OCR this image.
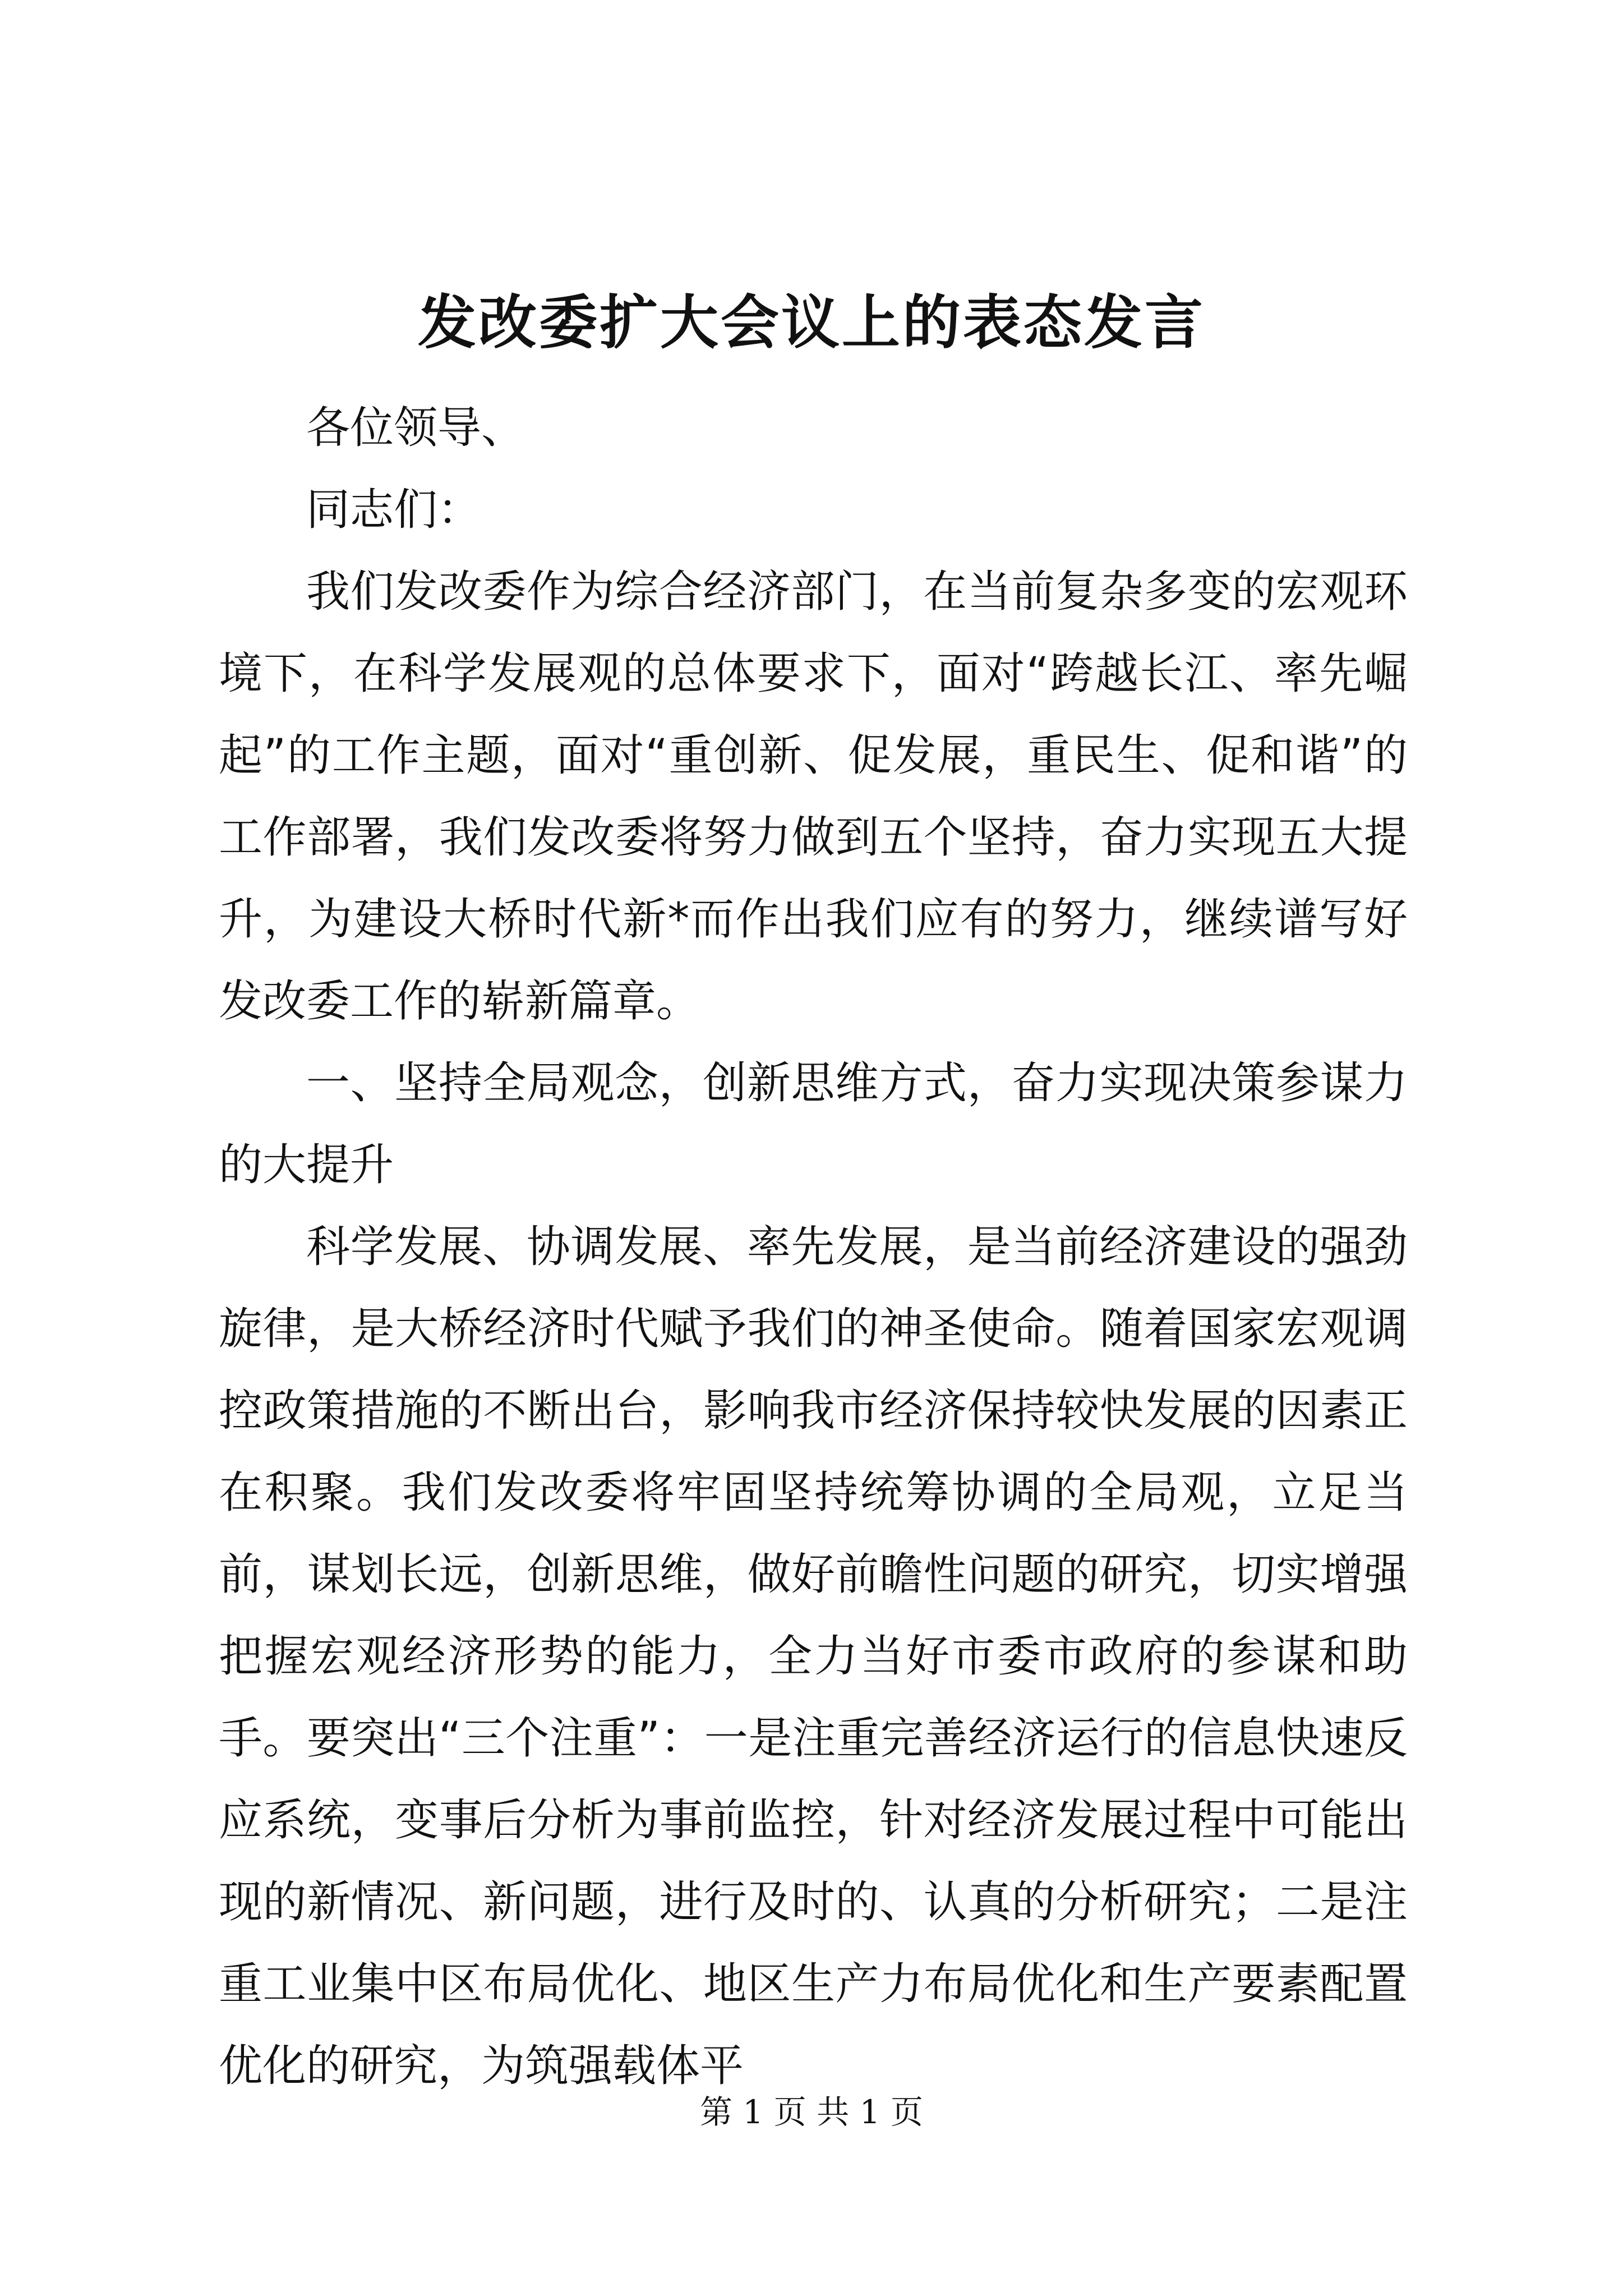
发改委扩大会议上的表态发言

各位领导、

同志们：

我们发改委作为综合经济部门，在当前复杂多变的宏观环境下，在科学发展观的总体要求下，面对“跨越长江、率先崛起”的工作主题，面对“重创新、促发展，重民生、促和谐”的工作部署，我们发改委将努力做到五个坚持，奋力实现五大提升，为建设大桥时代新*而作出我们应有的努力，继续谱写好发改委工作的崭新篇章。

一、坚持全局观念，创新思维方式，奋力实现决策参谋力的大提升

科学发展、协调发展、率先发展，是当前经济建设的强劲旋律，是大桥经济时代赋予我们的神圣使命。随着国家宏观调控政策措施的不断出台，影响我市经济保持较快发展的因素正在积聚。我们发改委将牢固坚持统筹协调的全局观，立足当前，谋划长远，创新思维，做好前瞻性问题的研究，切实增强把握宏观经济形势的能力，全力当好市委市政府的参谋和助手。要突出“三个注重”：一是注重完善经济运行的信息快速反应系统，变事后分析为事前监控，针对经济发展过程中可能出现的新情况、新问题，进行及时的、认真的分析研究；二是注重工业集中区布局优化、地区生产力布局优化和生产要素配置优化的研究，为筑强载体平

第 1 页 共 1 页
